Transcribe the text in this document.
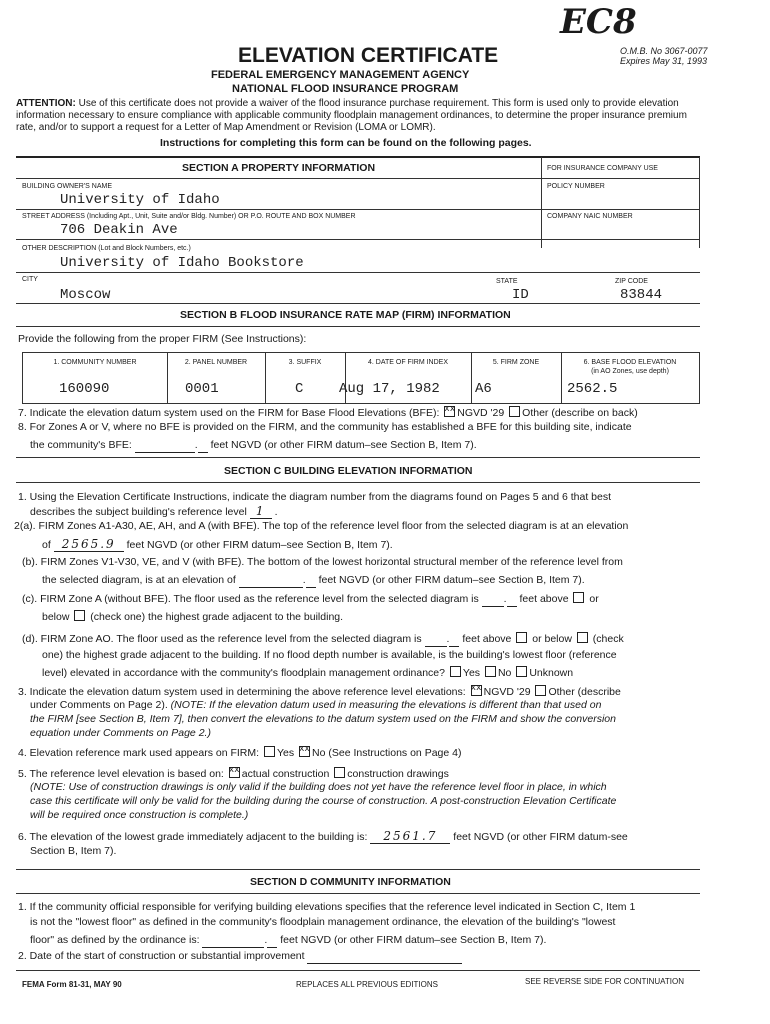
EC8
ELEVATION CERTIFICATE	O.M.B. No 3067-0077
Expires May 31, 1993
FEDERAL EMERGENCY MANAGEMENT AGENCY
NATIONAL FLOOD INSURANCE PROGRAM
ATTENTION: Use of this certificate does not provide a waiver of the flood insurance purchase requirement. This form is used only to provide elevation information necessary to ensure compliance with applicable community floodplain management ordinances, to determine the proper insurance premium rate, and/or to support a request for a Letter of Map Amendment or Revision (LOMA or LOMR).
Instructions for completing this form can be found on the following pages.
SECTION A PROPERTY INFORMATION	FOR INSURANCE COMPANY USE
POLICY NUMBER
BUILDING OWNER'S NAME
University of Idaho
STREET ADDRESS (Including Apt., Unit, Suite and/or Bldg. Number) OR P.O. ROUTE AND BOX NUMBER	COMPANY NAIC NUMBER
706 Deakin Ave
OTHER DESCRIPTION (Lot and Block Numbers, etc.)
University of Idaho Bookstore
CITY
Moscow
STATE
ID
ZIP CODE
83844
SECTION B FLOOD INSURANCE RATE MAP (FIRM) INFORMATION
Provide the following from the proper FIRM (See Instructions):
1. COMMUNITY NUMBER	2. PANEL NUMBER	3. SUFFIX	4. DATE OF FIRM INDEX	5. FIRM ZONE	6. BASE FLOOD ELEVATION
(in AO Zones, use depth)
160090	0001	C	Aug 17, 1982	A6	2562.5
7. Indicate the elevation datum system used on the FIRM for Base Flood Elevations (BFE): xx NGVD '29 Other (describe on back)
8. For Zones A or V, where no BFE is provided on the FIRM, and the community has established a BFE for this building site, indicate
the community's BFE:	. feet NGVD (or other FIRM datum–see Section B, Item 7).
SECTION C BUILDING ELEVATION INFORMATION
1. Using the Elevation Certificate Instructions, indicate the diagram number from the diagrams found on Pages 5 and 6 that best
describes the subject building's reference level 1 .
2(a). FIRM Zones A1-A30, AE, AH, and A (with BFE). The top of the reference level floor from the selected diagram is at an elevation
of 2565.9 feet NGVD (or other FIRM datum–see Section B, Item 7).
(b). FIRM Zones V1-V30, VE, and V (with BFE). The bottom of the lowest horizontal structural member of the reference level from
the selected diagram, is at an elevation of	. feet NGVD (or other FIRM datum–see Section B, Item 7).
(c). FIRM Zone A (without BFE). The floor used as the reference level from the selected diagram is . feet above or
below (check one) the highest grade adjacent to the building.
(d). FIRM Zone AO. The floor used as the reference level from the selected diagram is . feet above or below (check
one) the highest grade adjacent to the building. If no flood depth number is available, is the building's lowest floor (reference
level) elevated in accordance with the community's floodplain management ordinance? Yes No Unknown
3. Indicate the elevation datum system used in determining the above reference level elevations: xx NGVD '29 Other (describe
under Comments on Page 2). (NOTE: If the elevation datum used in measuring the elevations is different than that used on
the FIRM [see Section B, Item 7], then convert the elevations to the datum system used on the FIRM and show the conversion
equation under Comments on Page 2.)
4. Elevation reference mark used appears on FIRM: Yes xx No (See Instructions on Page 4)
5. The reference level elevation is based on: xx actual construction construction drawings
(NOTE: Use of construction drawings is only valid if the building does not yet have the reference level floor in place, in which
case this certificate will only be valid for the building during the course of construction. A post-construction Elevation Certificate
will be required once construction is complete.)
6. The elevation of the lowest grade immediately adjacent to the building is: 2561.7 feet NGVD (or other FIRM datum-see
Section B, Item 7).
SECTION D COMMUNITY INFORMATION
1. If the community official responsible for verifying building elevations specifies that the reference level indicated in Section C, Item 1
is not the "lowest floor" as defined in the community's floodplain management ordinance, the elevation of the building's "lowest
floor" as defined by the ordinance is:	. feet NGVD (or other FIRM datum–see Section B, Item 7).
2. Date of the start of construction or substantial improvement
FEMA Form 81-31, MAY 90	REPLACES ALL PREVIOUS EDITIONS	SEE REVERSE SIDE FOR CONTINUATION
